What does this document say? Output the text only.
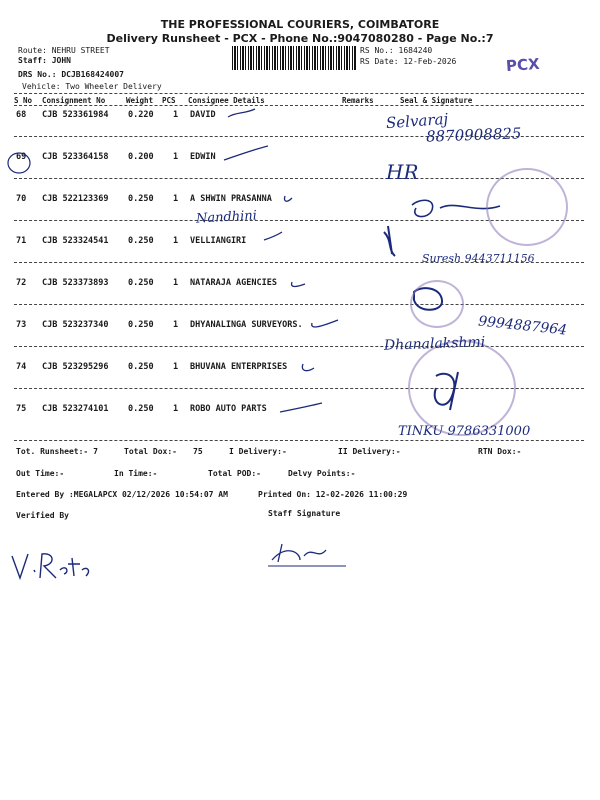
THE PROFESSIONAL COURIERS, COIMBATORE
Delivery Runsheet - PCX - Phone No.:9047080280 - Page No.:7
Route: NEHRU STREET
Staff: JOHN
DRS No.: DCJB168424007
Vehicle: Two Wheeler Delivery
RS No.: 1684240
RS Date: 12-Feb-2026	PCX
S No Consignment No	Weight PCS Consignee Details	Remarks	Seal & Signature
68 CJB 523361984 0.220 1 DAVID
69 CJB 523364158 0.200 1 EDWIN
70 CJB 522123369 0.250 1 A SHWIN PRASANNA
71 CJB 523324541 0.250 1 VELLIANGIRI
72 CJB 523373893 0.250 1 NATARAJA AGENCIES
73 CJB 523237340 0.250 1 DHYANALINGA SURVEYORS.
74 CJB 523295296 0.250 1 BHUVANA ENTERPRISES
75 CJB 523274101 0.250 1 ROBO AUTO PARTS
Selvaraj
8870908825
HR
Nandhini
Suresh 9443711156
9994887964
Dhanalakshmi
TINKU 9786331000
Tot. Runsheet:- 7	Total Dox:- 75	I Delivery:-	II Delivery:-	RTN Dox:-
Out Time:-	In Time:-	Total POD:-	Delvy Points:-
Entered By :MEGALAPCX 02/12/2026 10:54:07 AM	Printed On: 12-02-2026 11:00:29
Verified By	Staff Signature
